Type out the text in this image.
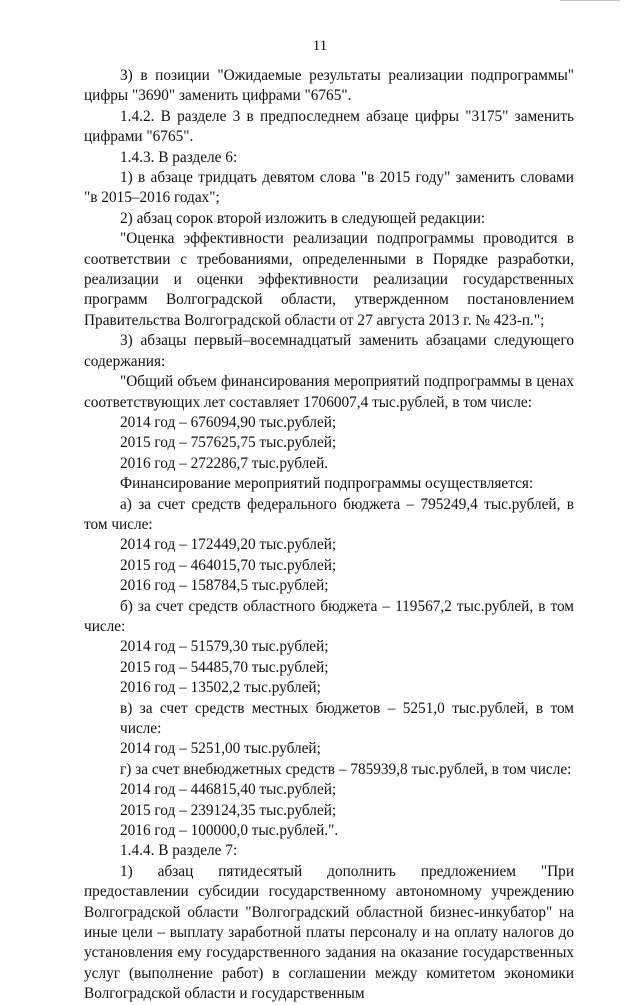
11

3) в позиции "Ожидаемые результаты реализации подпрограммы" цифры "3690" заменить цифрами "6765".

1.4.2. В разделе 3 в предпоследнем абзаце цифры "3175" заменить цифрами "6765".

1.4.3. В разделе 6:

1) в абзаце тридцать девятом слова "в 2015 году" заменить словами "в 2015–2016 годах";

2) абзац сорок второй изложить в следующей редакции:

"Оценка эффективности реализации подпрограммы проводится в соответствии с требованиями, определенными в Порядке разработки, реализации и оценки эффективности реализации государственных программ Волгоградской области, утвержденном постановлением Правительства Волгоградской области от 27 августа 2013 г. № 423-п.";

3) абзацы первый–восемнадцатый заменить абзацами следующего содержания:

"Общий объем финансирования мероприятий подпрограммы в ценах соответствующих лет составляет 1706007,4 тыс.рублей, в том числе:

2014 год – 676094,90 тыс.рублей;

2015 год – 757625,75 тыс.рублей;

2016 год – 272286,7 тыс.рублей.

Финансирование мероприятий подпрограммы осуществляется:

а) за счет средств федерального бюджета – 795249,4 тыс.рублей, в том числе:

2014 год – 172449,20 тыс.рублей;

2015 год – 464015,70 тыс.рублей;

2016 год – 158784,5 тыс.рублей;

б) за счет средств областного бюджета – 119567,2 тыс.рублей, в том числе:

2014 год – 51579,30 тыс.рублей;

2015 год – 54485,70 тыс.рублей;

2016 год – 13502,2 тыс.рублей;

в) за счет средств местных бюджетов – 5251,0 тыс.рублей, в том числе:

2014 год – 5251,00 тыс.рублей;

г) за счет внебюджетных средств – 785939,8 тыс.рублей, в том числе:

2014 год – 446815,40 тыс.рублей;

2015 год – 239124,35 тыс.рублей;

2016 год – 100000,0 тыс.рублей.".

1.4.4. В разделе 7:

1) абзац пятидесятый дополнить предложением "При предоставлении субсидии государственному автономному учреждению Волгоградской области "Волгоградский областной бизнес-инкубатор" на иные цели – выплату заработной платы персоналу и на оплату налогов до установления ему государственного задания на оказание государственных услуг (выполнение работ) в соглашении между комитетом экономики Волгоградской области и государственным
